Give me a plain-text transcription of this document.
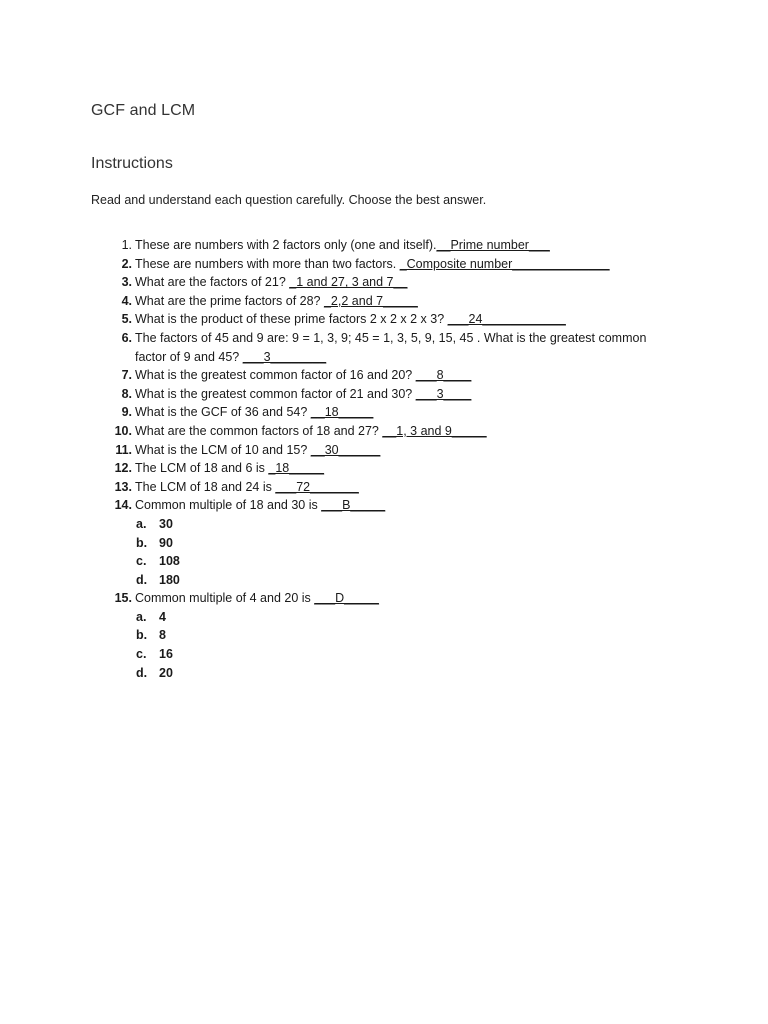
GCF and LCM
Instructions
Read and understand each question carefully. Choose the best answer.
1. These are numbers with 2 factors only (one and itself).__Prime number___
2. These are numbers with more than two factors. _Composite number______________
3. What are the factors of 21? _1 and 27, 3 and 7__
4. What are the prime factors of 28? _2,2 and 7_____
5. What is the product of these prime factors 2 x 2 x 2 x 3? ___24____________
6. The factors of 45 and 9 are: 9 = 1, 3, 9; 45 = 1, 3, 5, 9, 15, 45 . What is the greatest common factor of 9 and 45? ___3________
7. What is the greatest common factor of 16 and 20? ___8____
8. What is the greatest common factor of 21 and 30? ___3____
9. What is the GCF of 36 and 54? __18_____
10. What are the common factors of 18 and 27? __1, 3 and 9_____
11. What is the LCM of 10 and 15? __30______
12. The LCM of 18 and 6 is _18_____
13. The LCM of 18 and 24 is ___72_______
14. Common multiple of 18 and 30 is ___B_____
a. 30
b. 90
c. 108
d. 180
15. Common multiple of 4 and 20 is ___D_____
a. 4
b. 8
c. 16
d. 20
